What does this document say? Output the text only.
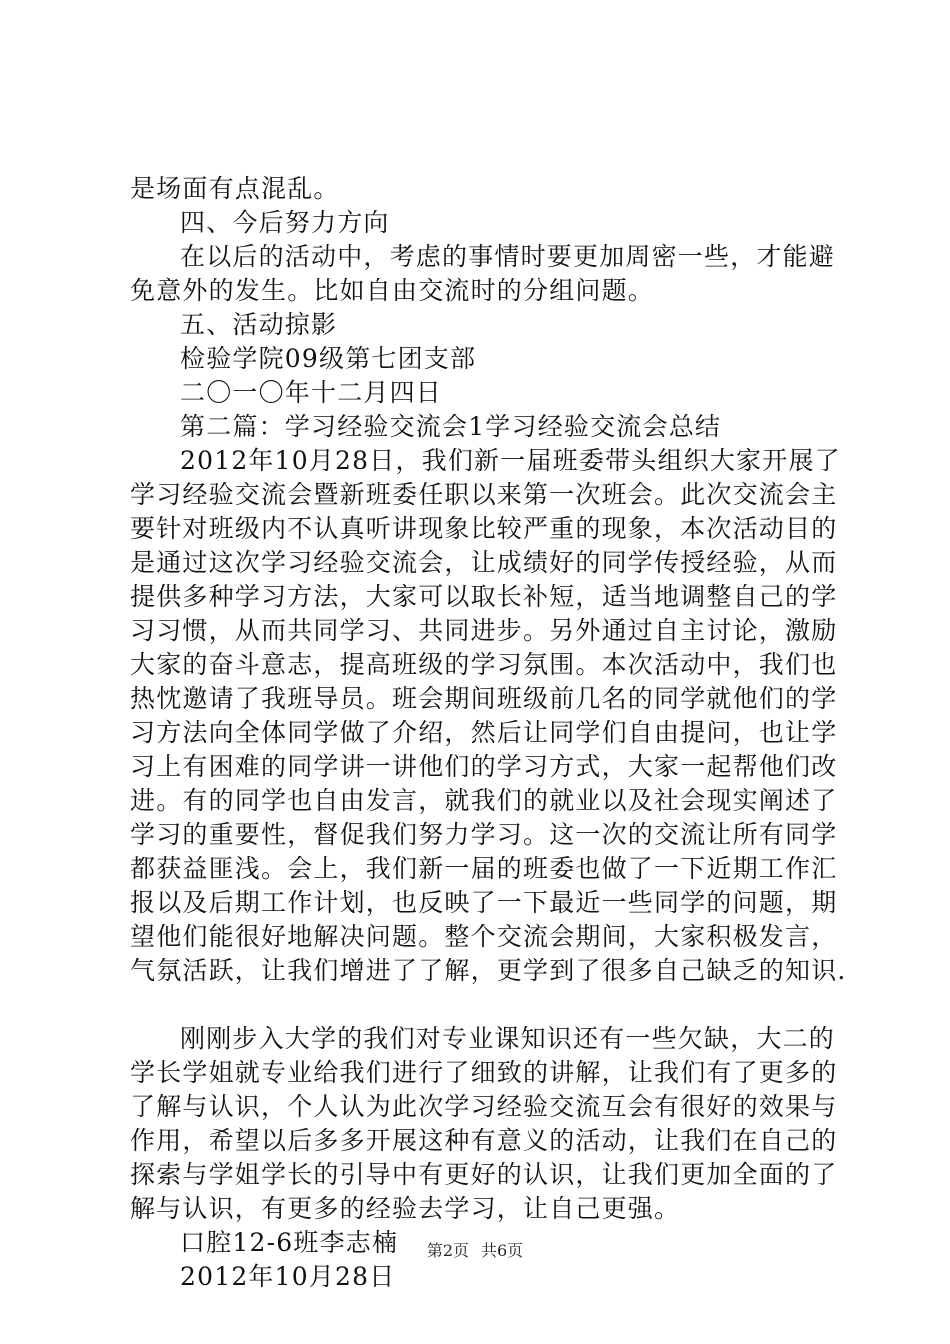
是场面有点混乱。
四、今后努力方向
在以后的活动中，考虑的事情时要更加周密一些，才能避
免意外的发生。比如自由交流时的分组问题。
五、活动掠影
检验学院09级第七团支部
二〇一〇年十二月四日
第二篇：学习经验交流会1学习经验交流会总结
2012年10月28日，我们新一届班委带头组织大家开展了
学习经验交流会暨新班委任职以来第一次班会。此次交流会主
要针对班级内不认真听讲现象比较严重的现象，本次活动目的
是通过这次学习经验交流会，让成绩好的同学传授经验，从而
提供多种学习方法，大家可以取长补短，适当地调整自己的学
习习惯，从而共同学习、共同进步。另外通过自主讨论，激励
大家的奋斗意志，提高班级的学习氛围。本次活动中，我们也
热忱邀请了我班导员。班会期间班级前几名的同学就他们的学
习方法向全体同学做了介绍，然后让同学们自由提问，也让学
习上有困难的同学讲一讲他们的学习方式，大家一起帮他们改
进。有的同学也自由发言，就我们的就业以及社会现实阐述了
学习的重要性，督促我们努力学习。这一次的交流让所有同学
都获益匪浅。会上，我们新一届的班委也做了一下近期工作汇
报以及后期工作计划，也反映了一下最近一些同学的问题，期
望他们能很好地解决问题。整个交流会期间，大家积极发言，
气氛活跃，让我们增进了了解，更学到了很多自己缺乏的知识.
刚刚步入大学的我们对专业课知识还有一些欠缺，大二的
学长学姐就专业给我们进行了细致的讲解，让我们有了更多的
了解与认识，个人认为此次学习经验交流互会有很好的效果与
作用，希望以后多多开展这种有意义的活动，让我们在自己的
探索与学姐学长的引导中有更好的认识，让我们更加全面的了
解与认识，有更多的经验去学习，让自己更强。
口腔12-6班李志楠
2012年10月28日
第2页 共6页
